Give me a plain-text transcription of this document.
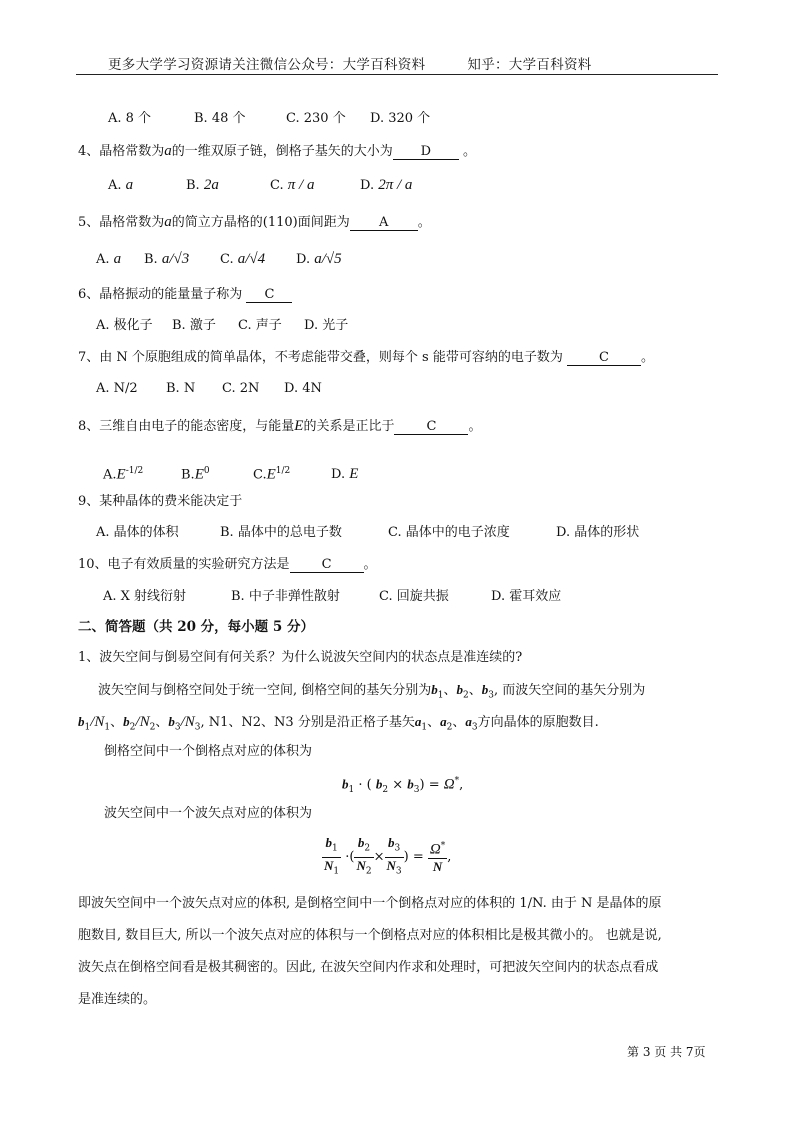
更多大学学习资源请关注微信公众号：大学百科资料	知乎：大学百科资料
A. 8 个	B. 48 个	C. 230 个 D. 320 个
4、晶格常数为a的一维双原子链，倒格子基矢的大小为 D 。
A. a	B. 2a	C. π / a	D. 2π / a
5、晶格常数为a的简立方晶格的(110)面间距为 A 。
A. a B. a/√3 C. a/√4 D. a/√5
6、晶格振动的能量量子称为 C
A. 极化子 B. 激子 C. 声子 D. 光子
7、由 N 个原胞组成的简单晶体，不考虑能带交叠，则每个 s 能带可容纳的电子数为	C 。
A. N/2 B. N C. 2N D. 4N
8、三维自由电子的能态密度，与能量E的关系是正比于 C 。
$A.E^{-1/2}$	$B.E^0$	$C.E^{1/2}$	D. E
9、某种晶体的费米能决定于
A. 晶体的体积	B. 晶体中的总电子数	C. 晶体中的电子浓度	D. 晶体的形状
10、电子有效质量的实验研究方法是 C 。
A. X 射线衍射	B. 中子非弹性散射	C. 回旋共振	D. 霍耳效应
二、简答题（共 20 分，每小题 5 分）
1、波矢空间与倒易空间有何关系？为什么说波矢空间内的状态点是准连续的?
波矢空间与倒格空间处于统一空间, 倒格空间的基矢分别为$b_1$、$b_2$、$b_3$, 而波矢空间的基矢分别为
$b_1/N_1$、$b_2/N_2$、$b_3/N_3$, N1、N2、N3 分别是沿正格子基矢$a_1$、$a_2$、$a_3$方向晶体的原胞数目.
倒格空间中一个倒格点对应的体积为
$b_1$ · ( $b_2 \times b_3) = \Omega^*$,
波矢空间中一个波矢点对应的体积为
$\frac{b_1}{N_1}$ ·( $\frac{b_2}{N_2} \times \frac{b_3}{N_3}$ ) = $\frac{\Omega^*}{N}$ ,
即波矢空间中一个波矢点对应的体积, 是倒格空间中一个倒格点对应的体积的 1/N. 由于 N 是晶体的原
胞数目, 数目巨大, 所以一个波矢点对应的体积与一个倒格点对应的体积相比是极其微小的。 也就是说,
波矢点在倒格空间看是极其稠密的。因此, 在波矢空间内作求和处理时，可把波矢空间内的状态点看成
是准连续的。
第 3 页 共 7页
